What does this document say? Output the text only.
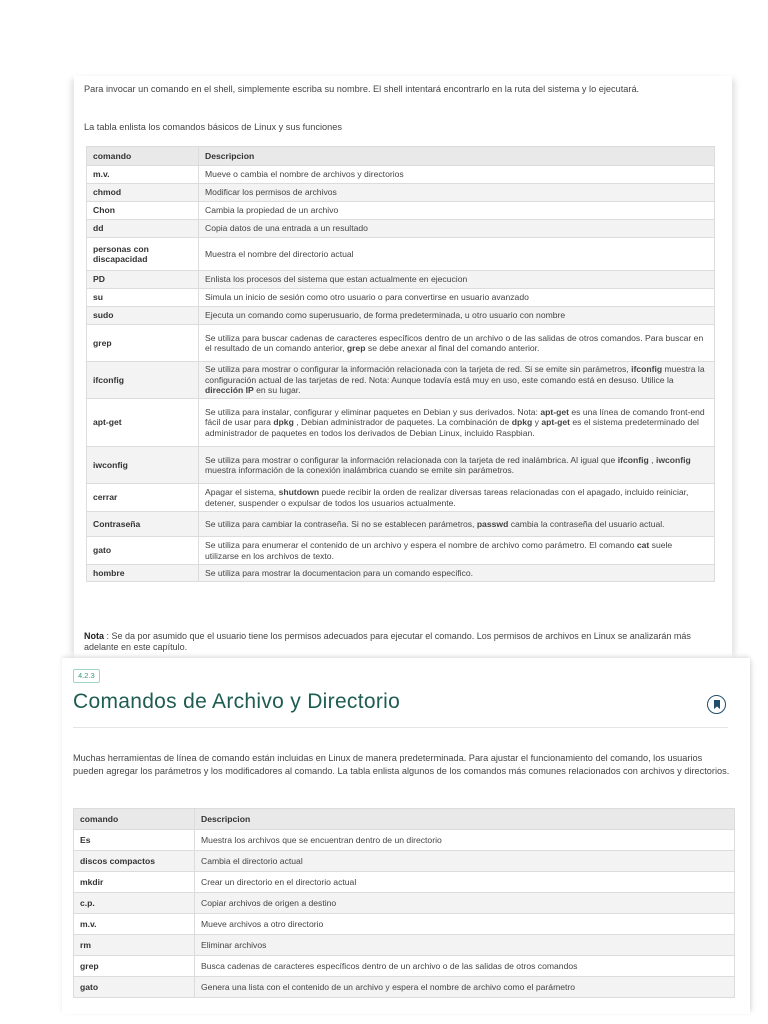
Para invocar un comando en el shell, simplemente escriba su nombre. El shell intentará encontrarlo en la ruta del sistema y lo ejecutará.

La tabla enlista los comandos básicos de Linux y sus funciones

comando	Descripcion
m.v.	Mueve o cambia el nombre de archivos y directorios
chmod	Modificar los permisos de archivos
Chon	Cambia la propiedad de un archivo
dd	Copia datos de una entrada a un resultado
personas con discapacidad	Muestra el nombre del directorio actual
PD	Enlista los procesos del sistema que estan actualmente en ejecucion
su	Simula un inicio de sesión como otro usuario o para convertirse en usuario avanzado
sudo	Ejecuta un comando como superusuario, de forma predeterminada, u otro usuario con nombre
grep	Se utiliza para buscar cadenas de caracteres específicos dentro de un archivo o de las salidas de otros comandos. Para buscar en el resultado de un comando anterior, grep se debe anexar al final del comando anterior.
ifconfig	Se utiliza para mostrar o configurar la información relacionada con la tarjeta de red. Si se emite sin parámetros, ifconfig muestra la configuración actual de las tarjetas de red. Nota: Aunque todavía está muy en uso, este comando está en desuso. Utilice la dirección IP en su lugar.
apt-get	Se utiliza para instalar, configurar y eliminar paquetes en Debian y sus derivados. Nota: apt-get es una línea de comando front-end fácil de usar para dpkg , Debian administrador de paquetes. La combinación de dpkg y apt-get es el sistema predeterminado del administrador de paquetes en todos los derivados de Debian Linux, incluido Raspbian.
iwconfig	Se utiliza para mostrar o configurar la información relacionada con la tarjeta de red inalámbrica. Al igual que ifconfig , iwconfig muestra información de la conexión inalámbrica cuando se emite sin parámetros.
cerrar	Apagar el sistema, shutdown puede recibir la orden de realizar diversas tareas relacionadas con el apagado, incluido reiniciar, detener, suspender o expulsar de todos los usuarios actualmente.
Contraseña	Se utiliza para cambiar la contraseña. Si no se establecen parámetros, passwd cambia la contraseña del usuario actual.
gato	Se utiliza para enumerar el contenido de un archivo y espera el nombre de archivo como parámetro. El comando cat suele utilizarse en los archivos de texto.
hombre	Se utiliza para mostrar la documentacion para un comando especifico.

Nota : Se da por asumido que el usuario tiene los permisos adecuados para ejecutar el comando. Los permisos de archivos en Linux se analizarán más adelante en este capítulo.

4.2.3
Comandos de Archivo y Directorio

Muchas herramientas de línea de comando están incluidas en Linux de manera predeterminada. Para ajustar el funcionamiento del comando, los usuarios pueden agregar los parámetros y los modificadores al comando. La tabla enlista algunos de los comandos más comunes relacionados con archivos y directorios.

comando	Descripcion
Es	Muestra los archivos que se encuentran dentro de un directorio
discos compactos	Cambia el directorio actual
mkdir	Crear un directorio en el directorio actual
c.p.	Copiar archivos de origen a destino
m.v.	Mueve archivos a otro directorio
rm	Eliminar archivos
grep	Busca cadenas de caracteres específicos dentro de un archivo o de las salidas de otros comandos
gato	Genera una lista con el contenido de un archivo y espera el nombre de archivo como el parámetro
